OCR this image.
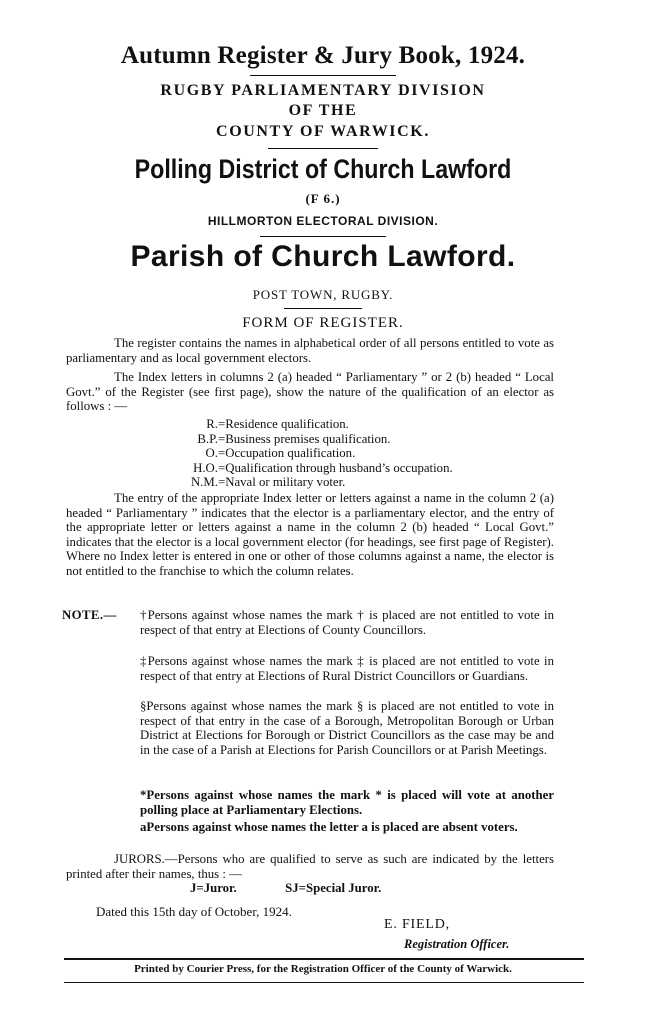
Autumn Register & Jury Book, 1924.
RUGBY PARLIAMENTARY DIVISION
OF THE
COUNTY OF WARWICK.
Polling District of Church Lawford
(F 6.)
HILLMORTON ELECTORAL DIVISION.
Parish of Church Lawford.
POST TOWN, RUGBY.
FORM OF REGISTER.

The register contains the names in alphabetical order of all persons entitled to vote as parliamentary and as local government electors.

The Index letters in columns 2 (a) headed “ Parliamentary ” or 2 (b) headed “ Local Govt.” of the Register (see first page), show the nature of the qualification of an elector as follows : —

R.=Residence qualification.
B.P.=Business premises qualification.
O.=Occupation qualification.
H.O.=Qualification through husband’s occupation.
N.M.=Naval or military voter.

The entry of the appropriate Index letter or letters against a name in the column 2 (a) headed “ Parliamentary ” indicates that the elector is a parliamentary elector, and the entry of the appropriate letter or letters against a name in the column 2 (b) headed “ Local Govt.” indicates that the elector is a local government elector (for headings, see first page of Register). Where no Index letter is entered in one or other of those columns against a name, the elector is not entitled to the franchise to which the column relates.

NOTE.— †Persons against whose names the mark † is placed are not entitled to vote in respect of that entry at Elections of County Councillors.
‡Persons against whose names the mark ‡ is placed are not entitled to vote in respect of that entry at Elections of Rural District Councillors or Guardians.
§Persons against whose names the mark § is placed are not entitled to vote in respect of that entry in the case of a Borough, Metropolitan Borough or Urban District at Elections for Borough or District Councillors as the case may be and in the case of a Parish at Elections for Parish Councillors or at Parish Meetings.
*Persons against whose names the mark * is placed will vote at another polling place at Parliamentary Elections.
aPersons against whose names the letter a is placed are absent voters.
JURORS.—Persons who are qualified to serve as such are indicated by the letters printed after their names, thus : —
J=Juror.	SJ=Special Juror.
Dated this 15th day of October, 1924.
E. FIELD,
Registration Officer.
Printed by Courier Press, for the Registration Officer of the County of Warwick.
